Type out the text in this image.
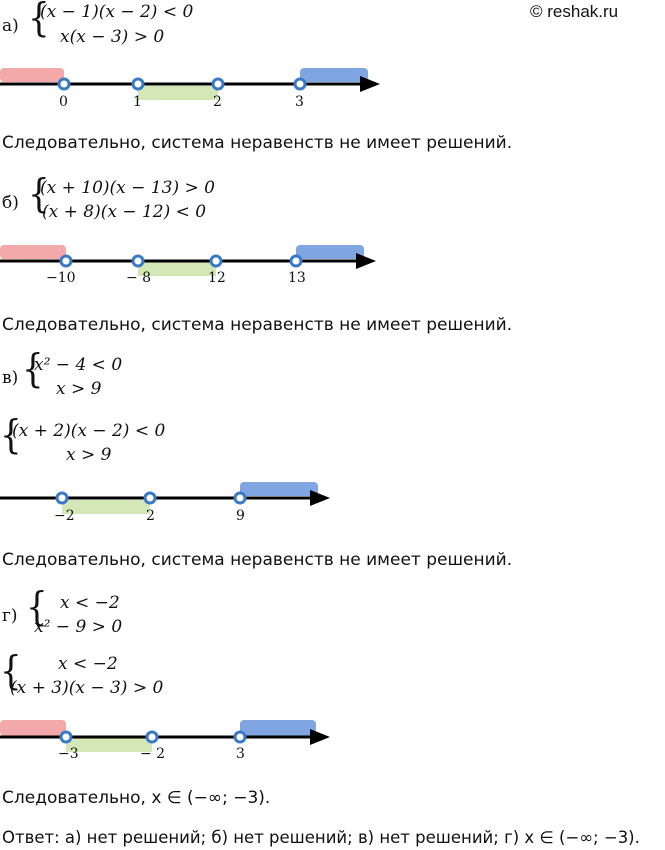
© reshak.ru
а) {
(x − 1)(x − 2) < 0
x(x − 3) > 0
0	1	2	3
Следовательно, система неравенств не имеет решений.
б) {
(x + 10)(x − 13) > 0
(x + 8)(x − 12) < 0
−10	− 8	12	13
Следовательно, система неравенств не имеет решений.
в) {
x² − 4 < 0
x > 9
{
(x + 2)(x − 2) < 0
x > 9
−2	2	9
Следовательно, система неравенств не имеет решений.
г) { x < −2
x² − 9 > 0
{ x < −2
(x + 3)(x − 3) > 0
−3	− 2	3
Следовательно, x ∈ (−∞; −3).
Ответ: а) нет решений; б) нет решений; в) нет решений; г) x ∈ (−∞; −3).
